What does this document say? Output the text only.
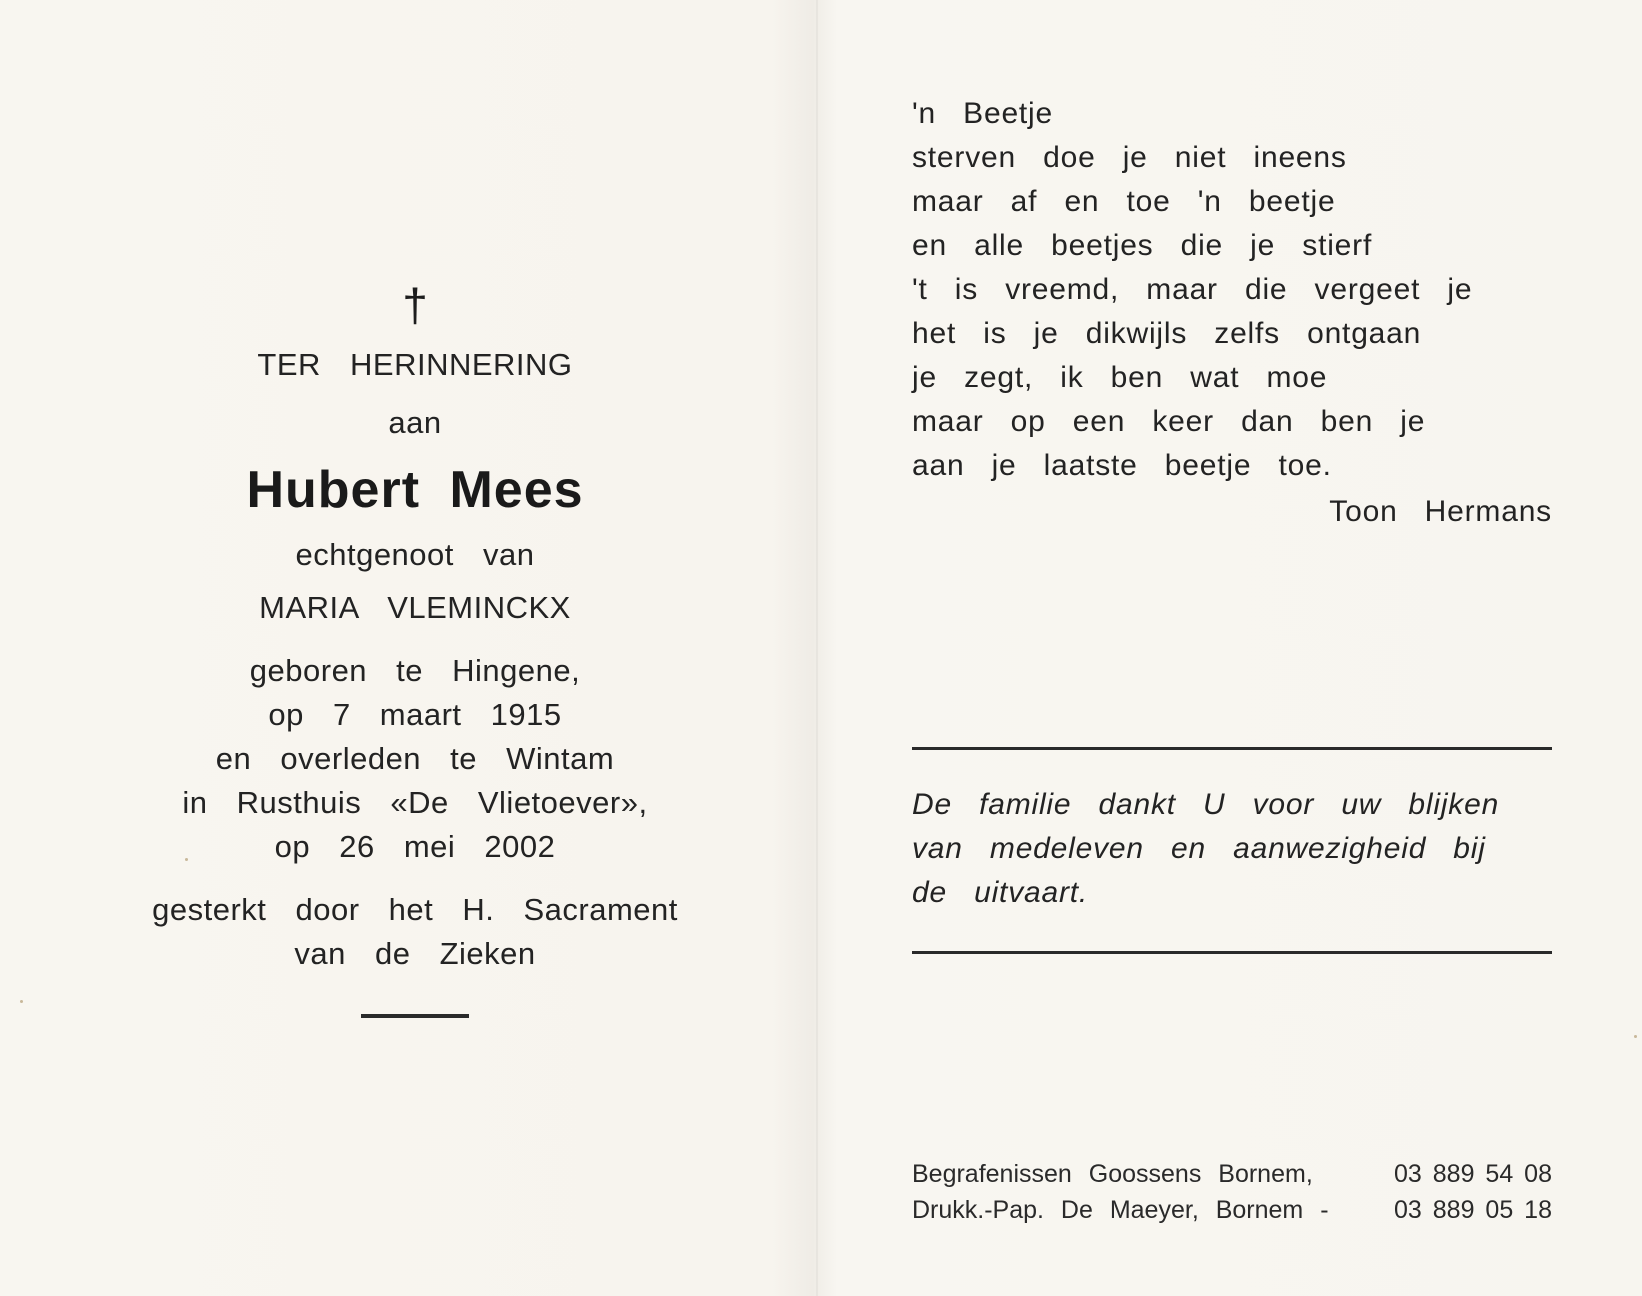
†
TER HERINNERING
aan
Hubert Mees
echtgenoot van
MARIA VLEMINCKX
geboren te Hingene,
op 7 maart 1915
en overleden te Wintam
in Rusthuis «De Vlietoever»,
op 26 mei 2002
gesterkt door het H. Sacrament
van de Zieken
'n Beetje
sterven doe je niet ineens
maar af en toe 'n beetje
en alle beetjes die je stierf
't is vreemd, maar die vergeet je
het is je dikwijls zelfs ontgaan
je zegt, ik ben wat moe
maar op een keer dan ben je
aan je laatste beetje toe.
Toon Hermans
De familie dankt U voor uw blijken
van medeleven en aanwezigheid bij
de uitvaart.
Begrafenissen Goossens Bornem,	03 889 54 08
Drukk.-Pap. De Maeyer, Bornem -	03 889 05 18
